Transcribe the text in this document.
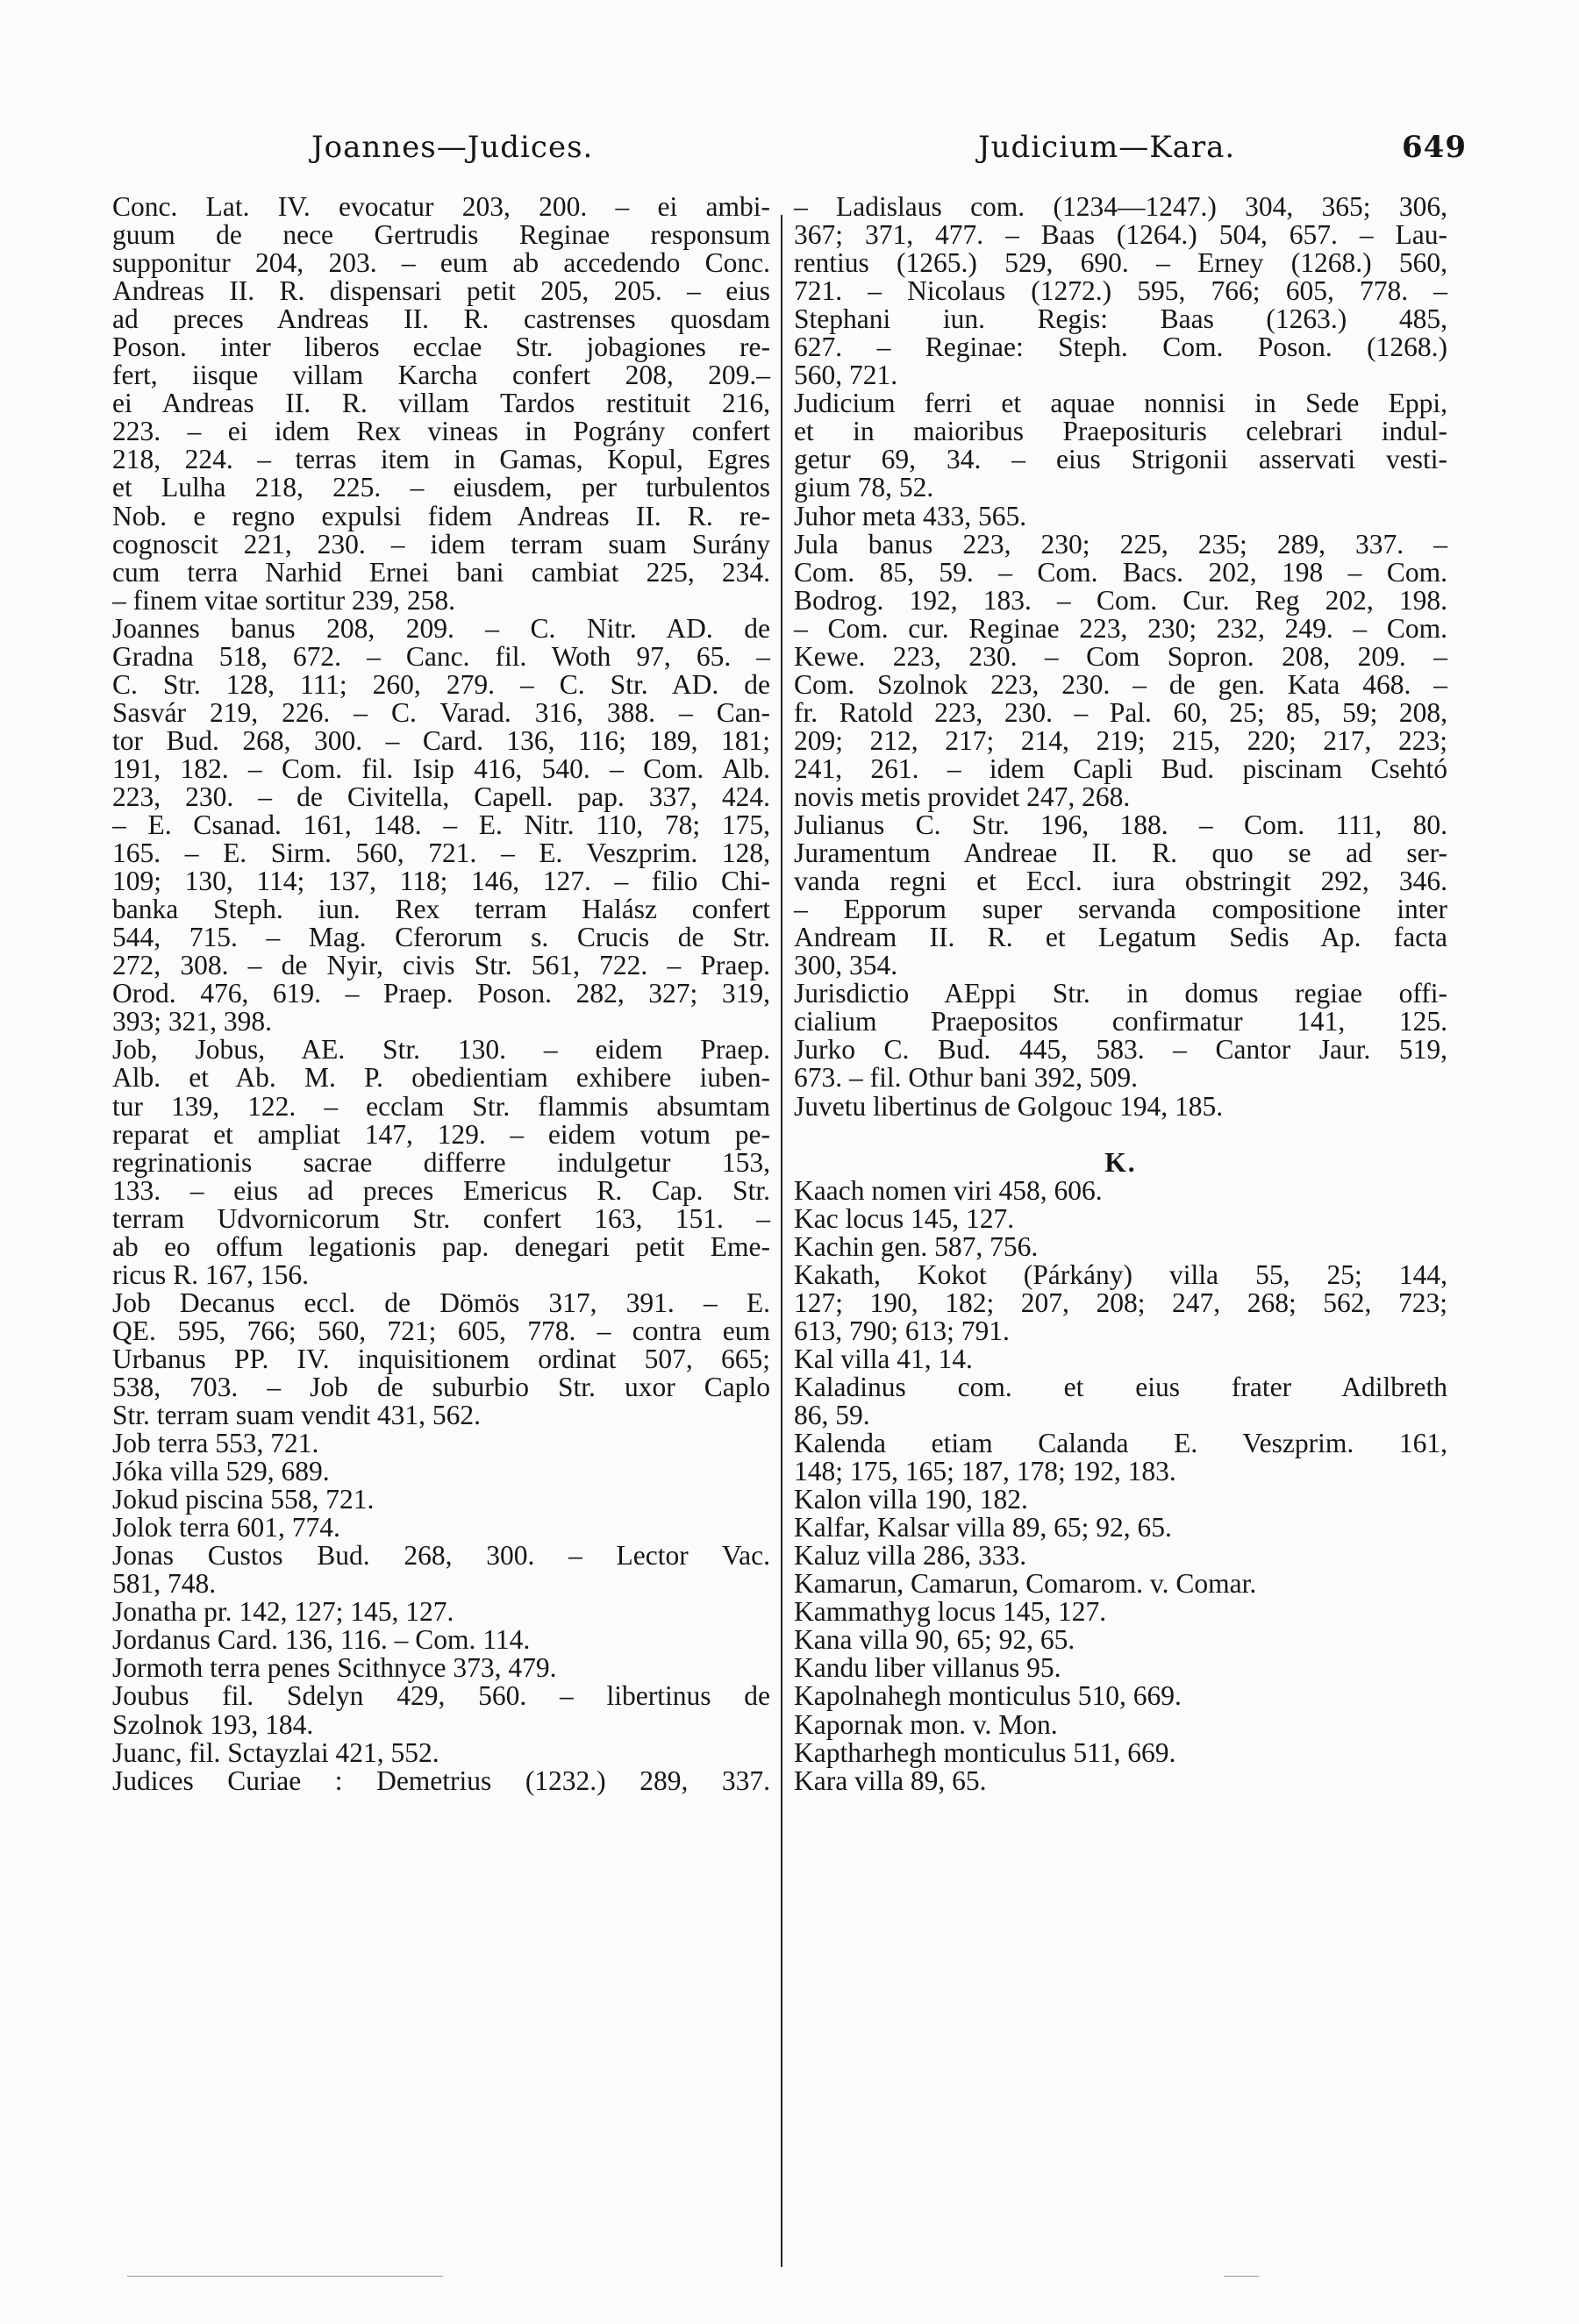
Joannes—Judices.	Judicium—Kara.	649
Conc. Lat. IV. evocatur 203, 200. – ei ambi-
guum de nece Gertrudis Reginae responsum
supponitur 204, 203. – eum ab accedendo Conc.
Andreas II. R. dispensari petit 205, 205. – eius
ad preces Andreas II. R. castrenses quosdam
Poson. inter liberos ecclae Str. jobagiones re-
fert, iisque villam Karcha confert 208, 209.–
ei Andreas II. R. villam Tardos restituit 216,
223. – ei idem Rex vineas in Pográny confert
218, 224. – terras item in Gamas, Kopul, Egres
et Lulha 218, 225. – eiusdem, per turbulentos
Nob. e regno expulsi fidem Andreas II. R. re-
cognoscit 221, 230. – idem terram suam Surány
cum terra Narhid Ernei bani cambiat 225, 234.
– finem vitae sortitur 239, 258.
Joannes banus 208, 209. – C. Nitr. AD. de
Gradna 518, 672. – Canc. fil. Woth 97, 65. –
C. Str. 128, 111; 260, 279. – C. Str. AD. de
Sasvár 219, 226. – C. Varad. 316, 388. – Can-
tor Bud. 268, 300. – Card. 136, 116; 189, 181;
191, 182. – Com. fil. Isip 416, 540. – Com. Alb.
223, 230. – de Civitella, Capell. pap. 337, 424.
– E. Csanad. 161, 148. – E. Nitr. 110, 78; 175,
165. – E. Sirm. 560, 721. – E. Veszprim. 128,
109; 130, 114; 137, 118; 146, 127. – filio Chi-
banka Steph. iun. Rex terram Halász confert
544, 715. – Mag. Cferorum s. Crucis de Str.
272, 308. – de Nyir, civis Str. 561, 722. – Praep.
Orod. 476, 619. – Praep. Poson. 282, 327; 319,
393; 321, 398.
Job, Jobus, AE. Str. 130. – eidem Praep.
Alb. et Ab. M. P. obedientiam exhibere iuben-
tur 139, 122. – ecclam Str. flammis absumtam
reparat et ampliat 147, 129. – eidem votum pe-
regrinationis sacrae differre indulgetur 153,
133. – eius ad preces Emericus R. Cap. Str.
terram Udvornicorum Str. confert 163, 151. –
ab eo offum legationis pap. denegari petit Eme-
ricus R. 167, 156.
Job Decanus eccl. de Dömös 317, 391. – E.
QE. 595, 766; 560, 721; 605, 778. – contra eum
Urbanus PP. IV. inquisitionem ordinat 507, 665;
538, 703. – Job de suburbio Str. uxor Caplo
Str. terram suam vendit 431, 562.
Job terra 553, 721.
Jóka villa 529, 689.
Jokud piscina 558, 721.
Jolok terra 601, 774.
Jonas Custos Bud. 268, 300. – Lector Vac.
581, 748.
Jonatha pr. 142, 127; 145, 127.
Jordanus Card. 136, 116. – Com. 114.
Jormoth terra penes Scithnyce 373, 479.
Joubus fil. Sdelyn 429, 560. – libertinus de
Szolnok 193, 184.
Juanc, fil. Sctayzlai 421, 552.
Judices Curiae : Demetrius (1232.) 289, 337.
– Ladislaus com. (1234—1247.) 304, 365; 306,
367; 371, 477. – Baas (1264.) 504, 657. – Lau-
rentius (1265.) 529, 690. – Erney (1268.) 560,
721. – Nicolaus (1272.) 595, 766; 605, 778. –
Stephani iun. Regis: Baas (1263.) 485,
627. – Reginae: Steph. Com. Poson. (1268.)
560, 721.
Judicium ferri et aquae nonnisi in Sede Eppi,
et in maioribus Praeposituris celebrari indul-
getur 69, 34. – eius Strigonii asservati vesti-
gium 78, 52.
Juhor meta 433, 565.
Jula banus 223, 230; 225, 235; 289, 337. –
Com. 85, 59. – Com. Bacs. 202, 198 – Com.
Bodrog. 192, 183. – Com. Cur. Reg 202, 198.
– Com. cur. Reginae 223, 230; 232, 249. – Com.
Kewe. 223, 230. – Com Sopron. 208, 209. –
Com. Szolnok 223, 230. – de gen. Kata 468. –
fr. Ratold 223, 230. – Pal. 60, 25; 85, 59; 208,
209; 212, 217; 214, 219; 215, 220; 217, 223;
241, 261. – idem Capli Bud. piscinam Csehtó
novis metis providet 247, 268.
Julianus C. Str. 196, 188. – Com. 111, 80.
Juramentum Andreae II. R. quo se ad ser-
vanda regni et Eccl. iura obstringit 292, 346.
– Epporum super servanda compositione inter
Andream II. R. et Legatum Sedis Ap. facta
300, 354.
Jurisdictio AEppi Str. in domus regiae offi-
cialium Praepositos confirmatur 141, 125.
Jurko C. Bud. 445, 583. – Cantor Jaur. 519,
673. – fil. Othur bani 392, 509.
Juvetu libertinus de Golgouc 194, 185.
K.
Kaach nomen viri 458, 606.
Kac locus 145, 127.
Kachin gen. 587, 756.
Kakath, Kokot (Párkány) villa 55, 25; 144,
127; 190, 182; 207, 208; 247, 268; 562, 723;
613, 790; 613; 791.
Kal villa 41, 14.
Kaladinus com. et eius frater Adilbreth
86, 59.
Kalenda etiam Calanda E. Veszprim. 161,
148; 175, 165; 187, 178; 192, 183.
Kalon villa 190, 182.
Kalfar, Kalsar villa 89, 65; 92, 65.
Kaluz villa 286, 333.
Kamarun, Camarun, Comarom. v. Comar.
Kammathyg locus 145, 127.
Kana villa 90, 65; 92, 65.
Kandu liber villanus 95.
Kapolnahegh monticulus 510, 669.
Kapornak mon. v. Mon.
Kaptharhegh monticulus 511, 669.
Kara villa 89, 65.
